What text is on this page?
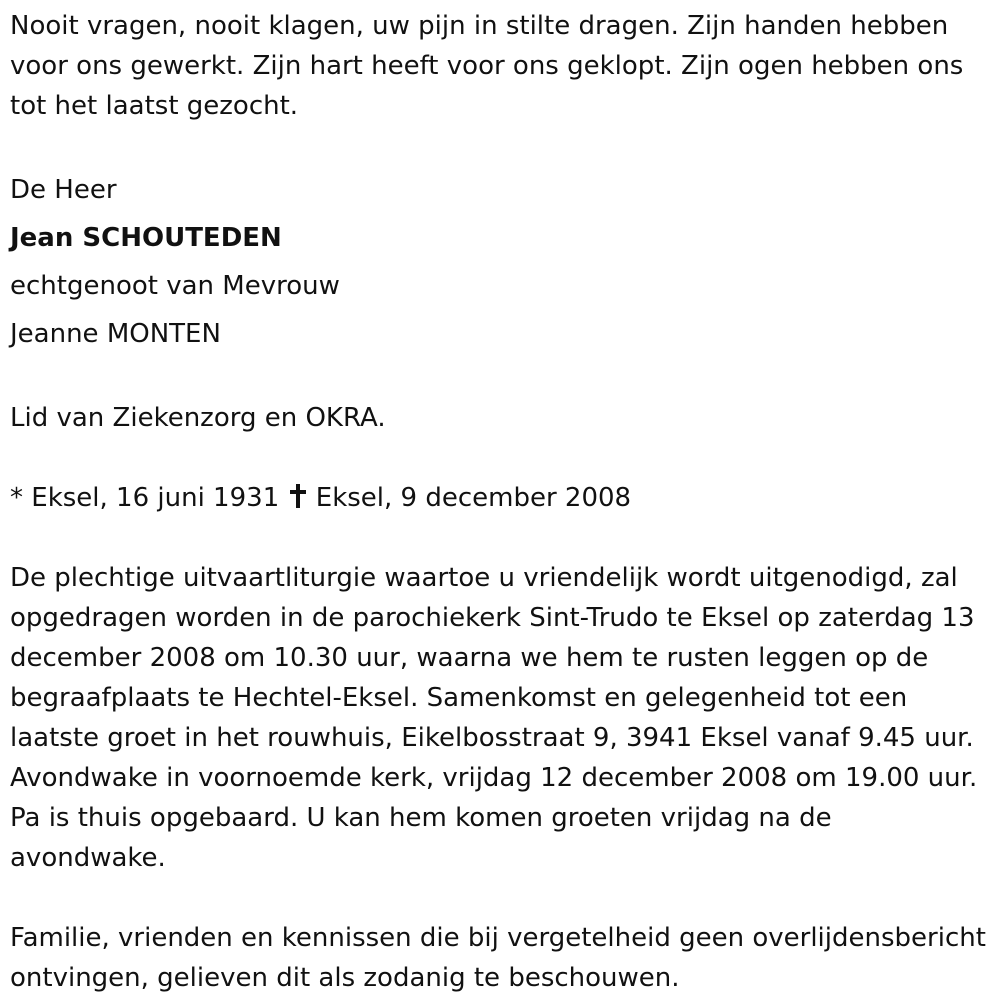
Nooit vragen, nooit klagen, uw pijn in stilte dragen. Zijn handen hebben voor ons gewerkt. Zijn hart heeft voor ons geklopt. Zijn ogen hebben ons tot het laatst gezocht.

De Heer
Jean SCHOUTEDEN
echtgenoot van Mevrouw
Jeanne MONTEN
Lid van Ziekenzorg en OKRA.
* Eksel, 16 juni 1931 Eksel, 9 december 2008

De plechtige uitvaartliturgie waartoe u vriendelijk wordt uitgenodigd, zal opgedragen worden in de parochiekerk Sint-Trudo te Eksel op zaterdag 13 december 2008 om 10.30 uur, waarna we hem te rusten leggen op de begraafplaats te Hechtel-Eksel. Samenkomst en gelegenheid tot een laatste groet in het rouwhuis, Eikelbosstraat 9, 3941 Eksel vanaf 9.45 uur. Avondwake in voornoemde kerk, vrijdag 12 december 2008 om 19.00 uur. Pa is thuis opgebaard. U kan hem komen groeten vrijdag na de avondwake.

Familie, vrienden en kennissen die bij vergetelheid geen overlijdensbericht ontvingen, gelieven dit als zodanig te beschouwen.
